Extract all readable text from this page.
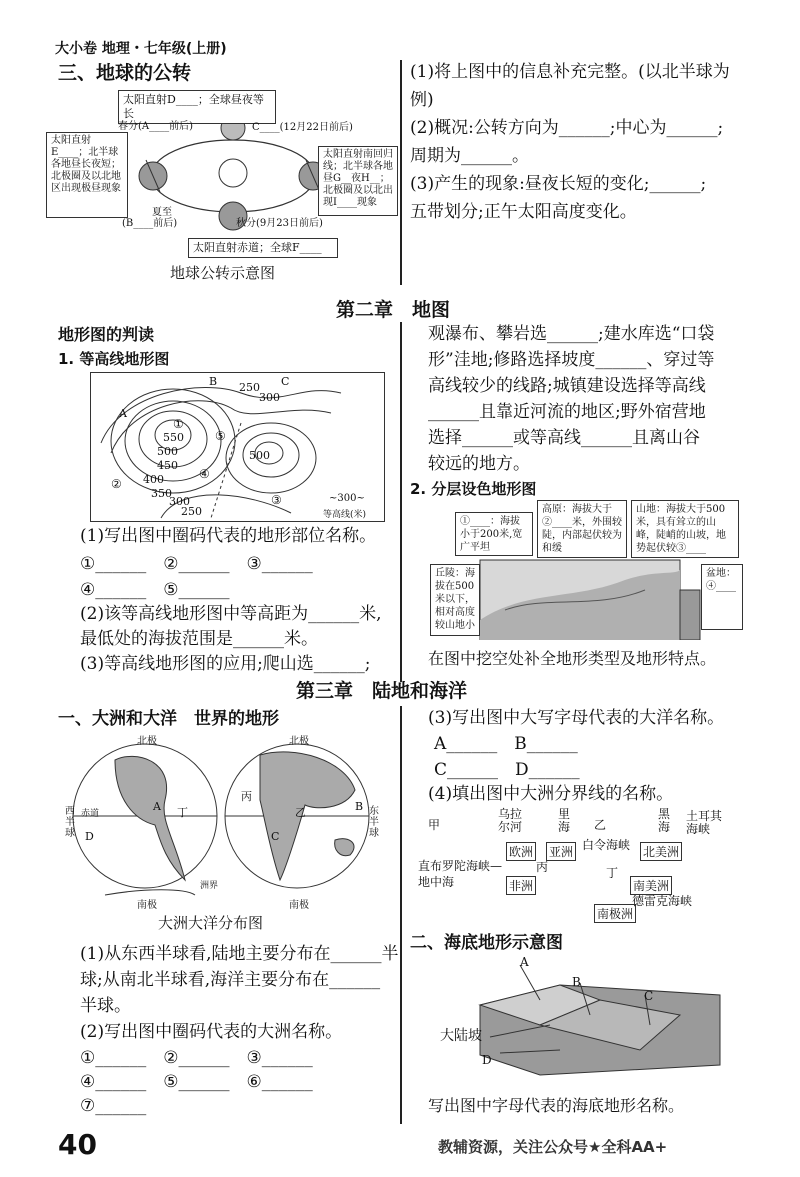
大小卷 地理・七年级(上册)
三、地球的公转
太阳直射D____；全球昼夜等长
太阳直射E____；北半球各地昼长夜短；北极圈及以北地区出现极昼现象
太阳直射南回归线；北半球各地昼G__夜H__；北极圈及以北出现I____现象
太阳直射赤道；全球F____
春分(A____前后)	C____(12月22日前后)
夏至
(B____前后)	秋分(9月23日前后)
地球公转示意图
(1)将上图中的信息补充完整。(以北半球为
例)
(2)概况:公转方向为______;中心为______;
周期为______。
(3)产生的现象:昼夜长短的变化;______;
五带划分;正午太阳高度变化。
第二章　地图
地形图的判读
1. 等高线地形图
250
300
550
500
450
400
350
300
250
500
~300~
等高线(米)
A
B	C
①
②
③
④
⑤
(1)写出图中圈码代表的地形部位名称。
①______　②______　③______
④______　⑤______
(2)该等高线地形图中等高距为______米,
最低处的海拔范围是______米。
(3)等高线地形图的应用;爬山选______;
观瀑布、攀岩选______;建水库选“口袋
形”洼地;修路选择坡度______、穿过等
高线较少的线路;城镇建设选择等高线
______且靠近河流的地区;野外宿营地
选择______或等高线______且离山谷
较远的地方。
2. 分层设色地形图
①____：海拔小于200米,宽广平坦
高原：海拔大于②____米，外围较陡，内部起伏较为和缓
山地：海拔大于500米，具有耸立的山峰，陡峭的山坡，地势起伏较③____
丘陵：海拔在500米以下，相对高度较山地小
盆地：④____
在图中挖空处补全地形类型及地形特点。
第三章　陆地和海洋
一、大洲和大洋　世界的地形
北极	北极
南极	南极
西半球
东半球
赤道
洲界
A	B
C
D
丙
丁	乙
大洲大洋分布图
(1)从东西半球看,陆地主要分布在______半
球;从南北半球看,海洋主要分布在______
半球。
(2)写出图中圈码代表的大洲名称。
①______　②______　③______
④______　⑤______　⑥______
⑦______
(3)写出图中大写字母代表的大洋名称。
A______　B______
C______　D______
(4)填出图中大洲分界线的名称。
甲
乌拉尔河
里海	乙
黑海
土耳其海峡
欧洲 亚洲 白令海峡 北美洲
丙	丁
直布罗陀海峡—地中海	非洲	南美洲
德雷克海峡
南极洲
二、海底地形示意图
A
B
C
D
大陆坡
写出图中字母代表的海底地形名称。
40	教辅资源，关注公众号★全科AA+
